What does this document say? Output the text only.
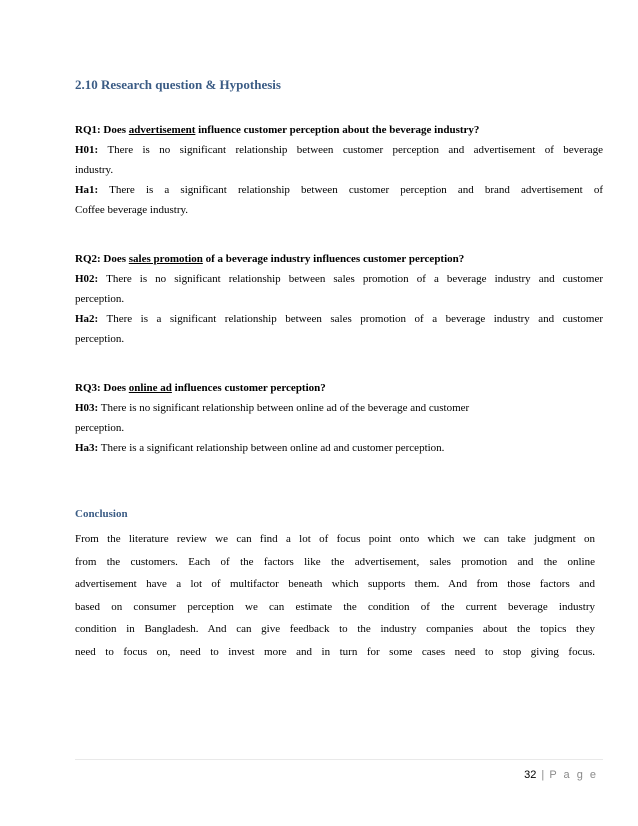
2.10 Research question & Hypothesis
RQ1: Does advertisement influence customer perception about the beverage industry?
H01: There is no significant relationship between customer perception and advertisement of beverage
industry.
Ha1: There is a significant relationship between customer perception and brand advertisement of
Coffee beverage industry.
RQ2: Does sales promotion of a beverage industry influences customer perception?
H02: There is no significant relationship between sales promotion of a beverage industry and customer
perception.
Ha2: There is a significant relationship between sales promotion of a beverage industry and customer
perception.
RQ3: Does online ad influences customer perception?
H03: There is no significant relationship between online ad of the beverage and customer
perception.
Ha3: There is a significant relationship between online ad and customer perception.
Conclusion
From the literature review we can find a lot of focus point onto which we can take judgment on
from the customers. Each of the factors like the advertisement, sales promotion and the online
advertisement have a lot of multifactor beneath which supports them. And from those factors and
based on consumer perception we can estimate the condition of the current beverage industry
condition in Bangladesh. And can give feedback to the industry companies about the topics they
need to focus on, need to invest more and in turn for some cases need to stop giving focus.
32 | P a g e
